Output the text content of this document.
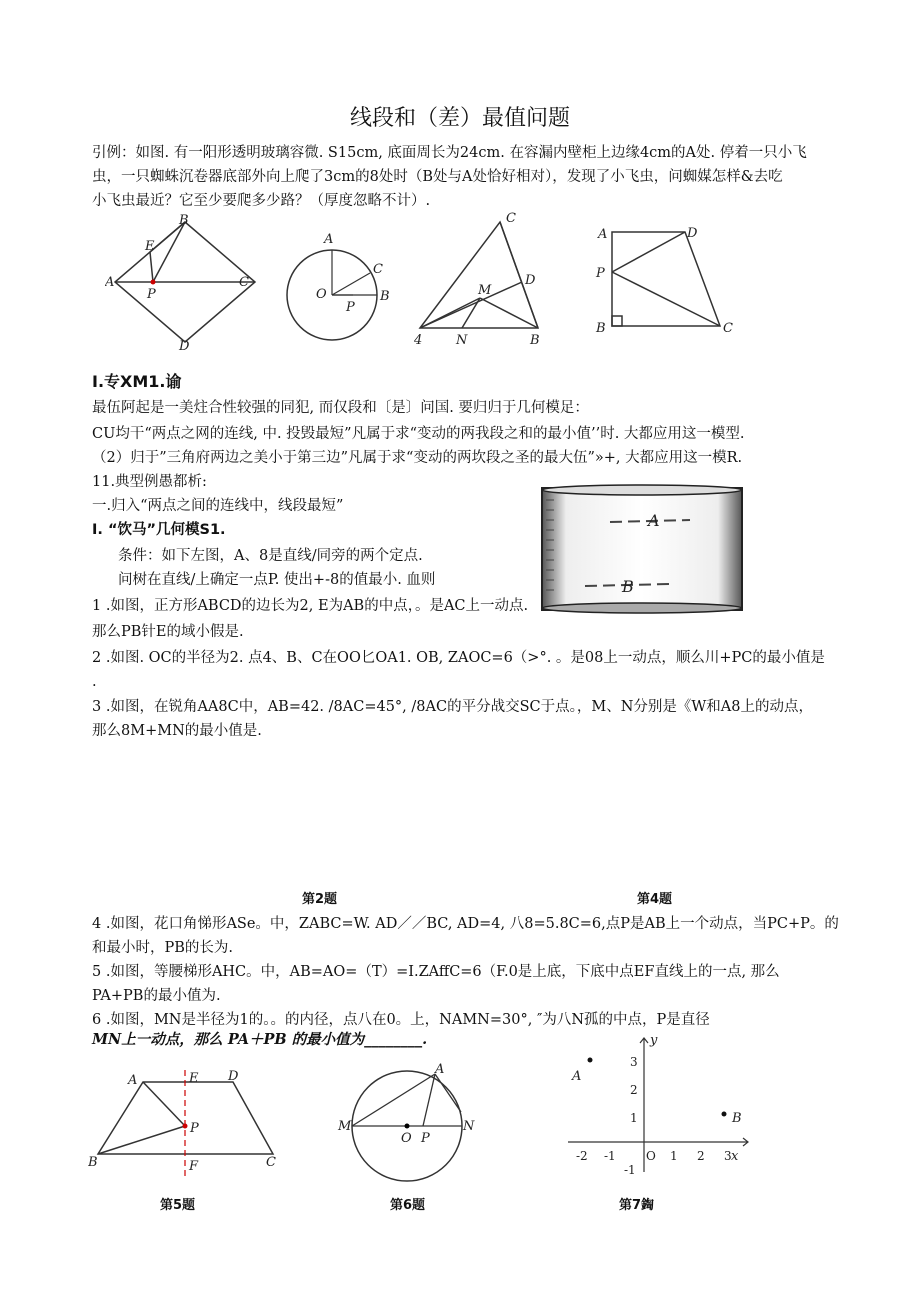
线段和（差）最值问题
引例：如图. 有一阳形透明玻璃容微. S15cm, 底面周长为24cm. 在容漏内壁柜上边缘4cm的A处. 停着一只小飞
虫，一只蜘蛛沉卷器底部外向上爬了3cm的8处时（B处与A处恰好相对），发现了小飞虫，问蜘媒怎样&去吃
小飞虫最近？它至少要爬多少路？（厚度忽略不计）.
E
B
A
P
C
D
A
C
O
P
B
C
M
D
4	N	B
A	D
P
B	C
I.专XM1.谕
最伍阿起是一美炷合性较强的同犯, 而仅段和〔是〕问国. 要归归于几何模足：
CU均干“两点之网的连线, 中. 投毁最短”凡属于求“变动的两我段之和的最小值’’时. 大都应用这一模型.
（2）归于”三角府两边之美小于第三边”凡属于求“变动的两坎段之圣的最大伍”»+, 大都应用这一模R.
11.典型例愚都析:
一.归入“两点之间的连线中，线段最短”
I. “饮马”几何模S1.
条件：如下左图，A、8是直线/同旁的两个定点.
问树在直线/上确定一点P. 使出+-8的值最小. 血则
A
B
1 .如图，正方形ABCD的边长为2, E为AB的中点，。是AC上一动点.
那么PB针E的域小假是.
2 .如图. OC的半径为2. 点4、B、C在OO匕OA1. OB, ZAOC=6（>°. 。是08上一动点，顺么川+PC的最小值是
.
3 .如图，在锐角AA8C中，AB=42. /8AC=45°, /8AC的平分战交SC于点。，M、N分别是《W和A8上的动点，
那么8M+MN的最小值是.
第2题	第4题
4 .如图，花口角悌形ASe。中，ZABC=W. AD／／BC, AD=4, 八8=5.8C=6,点P是AB上一个动点，当PC+P。的
和最小时，PB的长为.
5 .如图，等腰梯形AHC。中，AB=AO=（T）=I.ZAffC=6（F.0是上底，下底中点EF直线上的一点, 那么
PA+PB的最小值为.
6 .如图，MN是半径为1的。。的内径，点八在0。上，NAMN=30°, ″为八N孤的中点，P是直径
MN上一动点，那么 PA＋PB 的最小值为________.
A	E D
P
B	F	C
A
M
O P
N
y
x
3
2
1
-1
-2 -1	O 1 2 3
A
B
第5题	第6题	第7鋾
